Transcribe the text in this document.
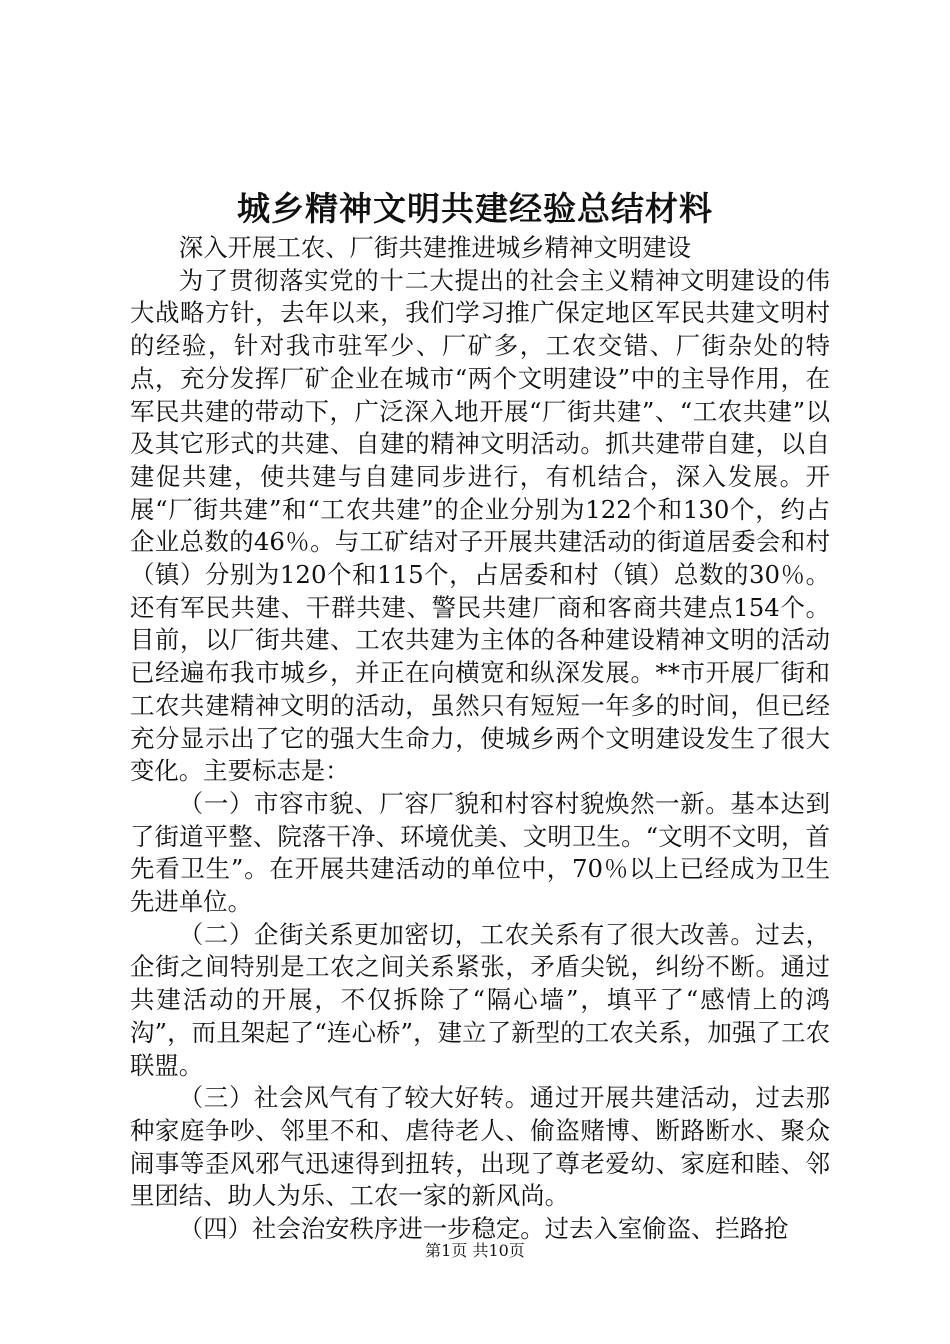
城乡精神文明共建经验总结材料

深入开展工农、厂街共建推进城乡精神文明建设

为了贯彻落实党的十二大提出的社会主义精神文明建设的伟大战略方针，去年以来，我们学习推广保定地区军民共建文明村的经验，针对我市驻军少、厂矿多，工农交错、厂街杂处的特点，充分发挥厂矿企业在城市“两个文明建设”中的主导作用，在军民共建的带动下，广泛深入地开展“厂街共建”、“工农共建”以及其它形式的共建、自建的精神文明活动。抓共建带自建，以自建促共建，使共建与自建同步进行，有机结合，深入发展。开展“厂街共建”和“工农共建”的企业分别为122个和130个，约占企业总数的46％。与工矿结对子开展共建活动的街道居委会和村（镇）分别为120个和115个，占居委和村（镇）总数的30％。还有军民共建、干群共建、警民共建厂商和客商共建点154个。目前，以厂街共建、工农共建为主体的各种建设精神文明的活动已经遍布我市城乡，并正在向横宽和纵深发展。**市开展厂街和工农共建精神文明的活动，虽然只有短短一年多的时间，但已经充分显示出了它的强大生命力，使城乡两个文明建设发生了很大变化。主要标志是：

（一）市容市貌、厂容厂貌和村容村貌焕然一新。基本达到了街道平整、院落干净、环境优美、文明卫生。“文明不文明，首先看卫生”。在开展共建活动的单位中，70％以上已经成为卫生先进单位。

（二）企街关系更加密切，工农关系有了很大改善。过去，企街之间特别是工农之间关系紧张，矛盾尖锐，纠纷不断。通过共建活动的开展，不仅拆除了“隔心墙”，填平了“感情上的鸿沟”，而且架起了“连心桥”，建立了新型的工农关系，加强了工农联盟。

（三）社会风气有了较大好转。通过开展共建活动，过去那种家庭争吵、邻里不和、虐待老人、偷盗赌博、断路断水、聚众闹事等歪风邪气迅速得到扭转，出现了尊老爱幼、家庭和睦、邻里团结、助人为乐、工农一家的新风尚。

（四）社会治安秩序进一步稳定。过去入室偷盗、拦路抢

第1页 共10页
